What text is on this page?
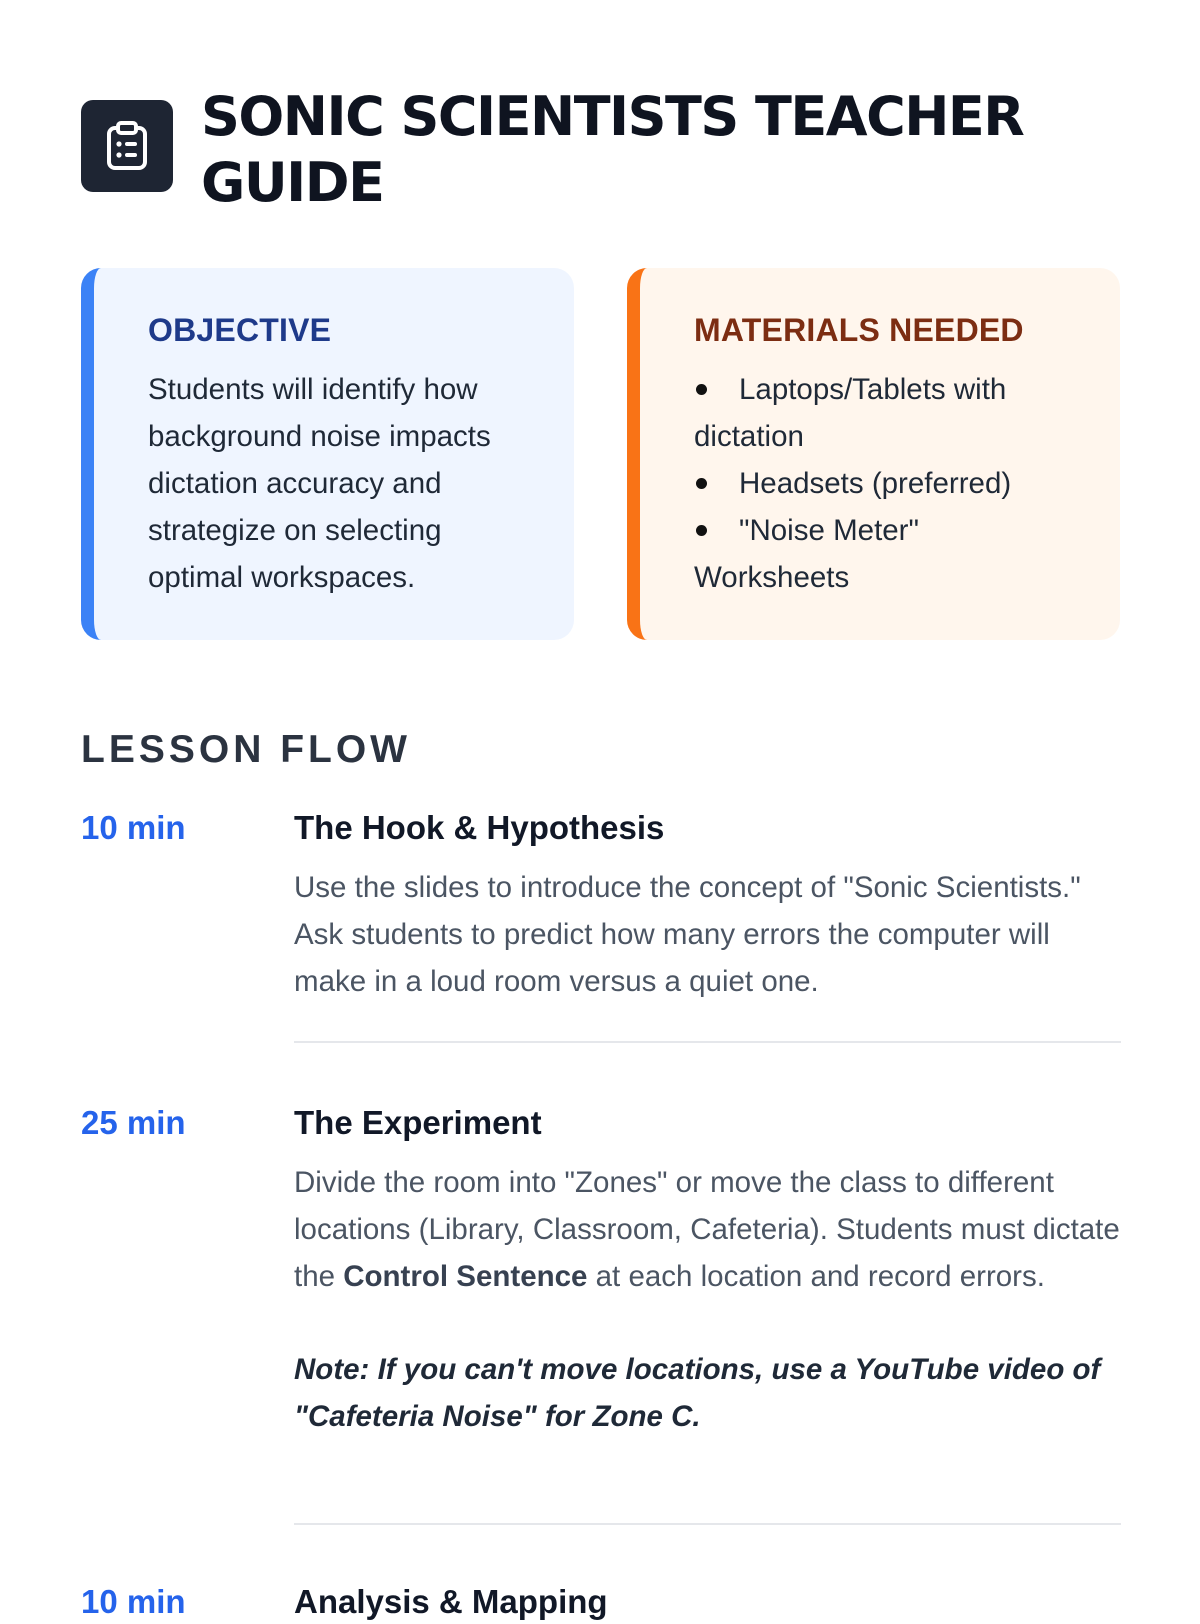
SONIC SCIENTISTS TEACHER GUIDE
OBJECTIVE
Students will identify how background noise impacts dictation accuracy and strategize on selecting optimal workspaces.
MATERIALS NEEDED
Laptops/Tablets with dictation
Headsets (preferred)
"Noise Meter" Worksheets
LESSON FLOW
10 min	The Hook & Hypothesis

Use the slides to introduce the concept of "Sonic Scientists." Ask students to predict how many errors the computer will make in a loud room versus a quiet one.

25 min	The Experiment

Divide the room into "Zones" or move the class to different locations (Library, Classroom, Cafeteria). Students must dictate the Control Sentence at each location and record errors.

Note: If you can't move locations, use a YouTube video of "Cafeteria Noise" for Zone C.

10 min	Analysis & Mapping
